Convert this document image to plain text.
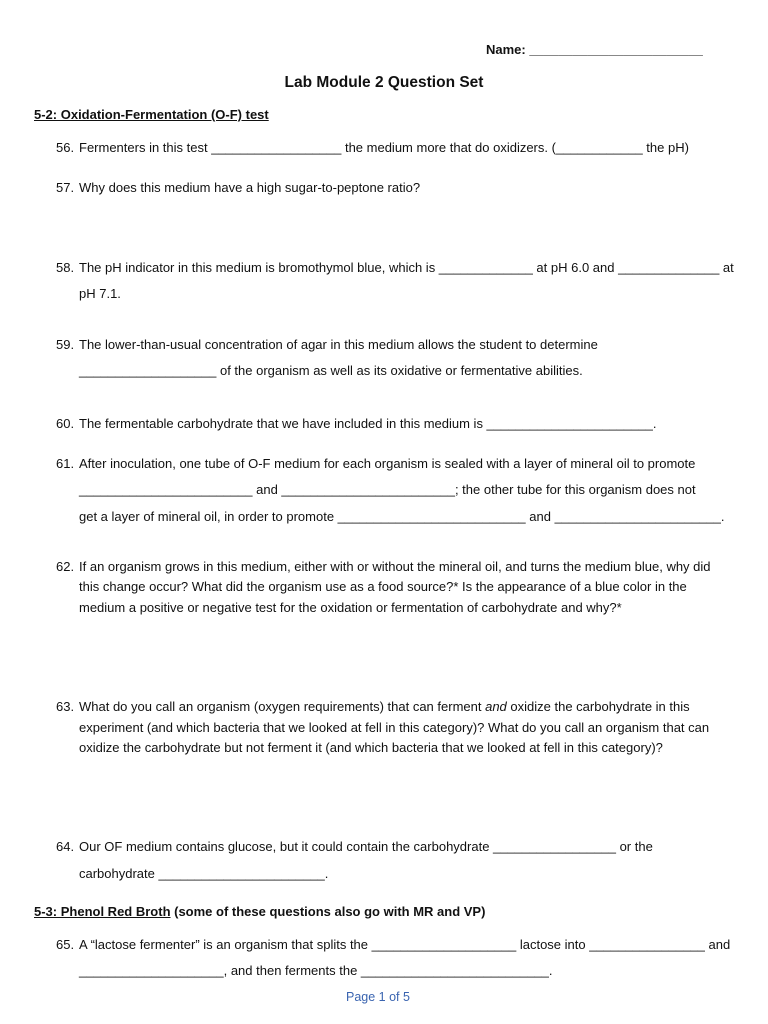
Name: ________________________
Lab Module 2 Question Set
5-2: Oxidation-Fermentation (O-F) test
56. Fermenters in this test __________________ the medium more that do oxidizers. (____________ the pH)
57. Why does this medium have a high sugar-to-peptone ratio?
58. The pH indicator in this medium is bromothymol blue, which is _____________ at pH 6.0 and ______________ at
pH 7.1.
59. The lower-than-usual concentration of agar in this medium allows the student to determine
___________________ of the organism as well as its oxidative or fermentative abilities.
60. The fermentable carbohydrate that we have included in this medium is _______________________.
61. After inoculation, one tube of O-F medium for each organism is sealed with a layer of mineral oil to promote
________________________ and ________________________; the other tube for this organism does not
get a layer of mineral oil, in order to promote __________________________ and _______________________.
62. If an organism grows in this medium, either with or without the mineral oil, and turns the medium blue, why did
this change occur? What did the organism use as a food source?* Is the appearance of a blue color in the
medium a positive or negative test for the oxidation or fermentation of carbohydrate and why?*
63. What do you call an organism (oxygen requirements) that can ferment and oxidize the carbohydrate in this
experiment (and which bacteria that we looked at fell in this category)? What do you call an organism that can
oxidize the carbohydrate but not ferment it (and which bacteria that we looked at fell in this category)?
64. Our OF medium contains glucose, but it could contain the carbohydrate _________________ or the
carbohydrate _______________________.
5-3: Phenol Red Broth (some of these questions also go with MR and VP)
65. A “lactose fermenter” is an organism that splits the ____________________ lactose into ________________ and
____________________, and then ferments the __________________________.
Page 1 of 5
